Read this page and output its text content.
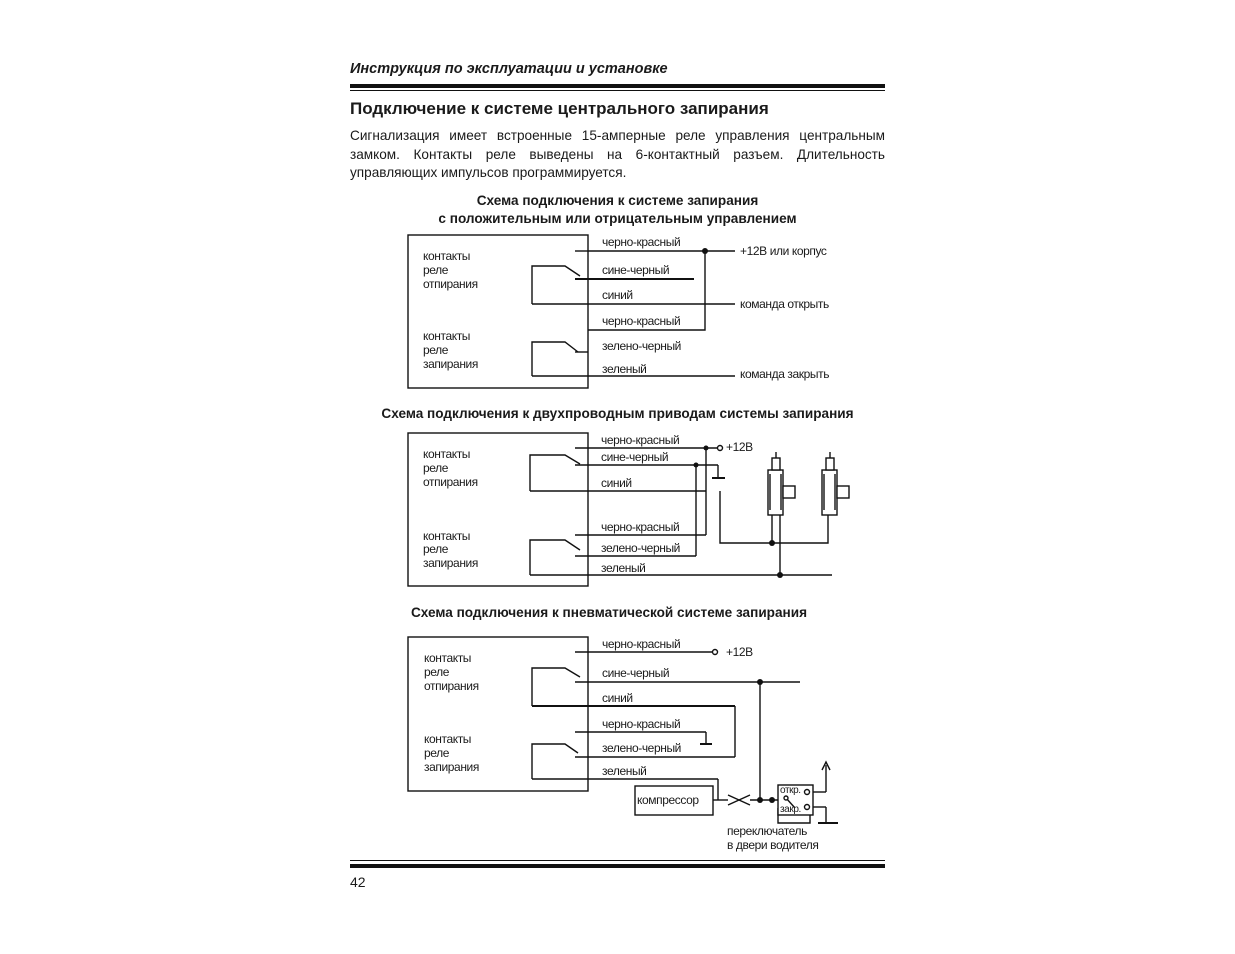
Инструкция по эксплуатации и установке
Подключение к системе центрального запирания
Сигнализация имеет встроенные 15-амперные реле управления центральным замком. Контакты реле выведены на 6-контактный разъем. Длительность управляющих импульсов программируется.
Схема подключения к системе запирания
с положительным или отрицательным управлением
Схема подключения к двухпроводным приводам системы запирания
Схема подключения к пневматической системе запирания
контакты
реле
отпирания
контакты
реле
запирания
черно-красный
сине-черный
синий
черно-красный
зелено-черный
зеленый
+12В или корпус
команда открыть
команда закрыть
контакты
реле
отпирания
контакты
реле
запирания
черно-красный
сине-черный
синий
черно-красный
зелено-черный
зеленый
+12В
контакты
реле
отпирания
контакты
реле
запирания
черно-красный
сине-черный
синий
черно-красный
зелено-черный
зеленый
+12В
компрессор
откр.
закр.
переключатель
в двери водителя
42
